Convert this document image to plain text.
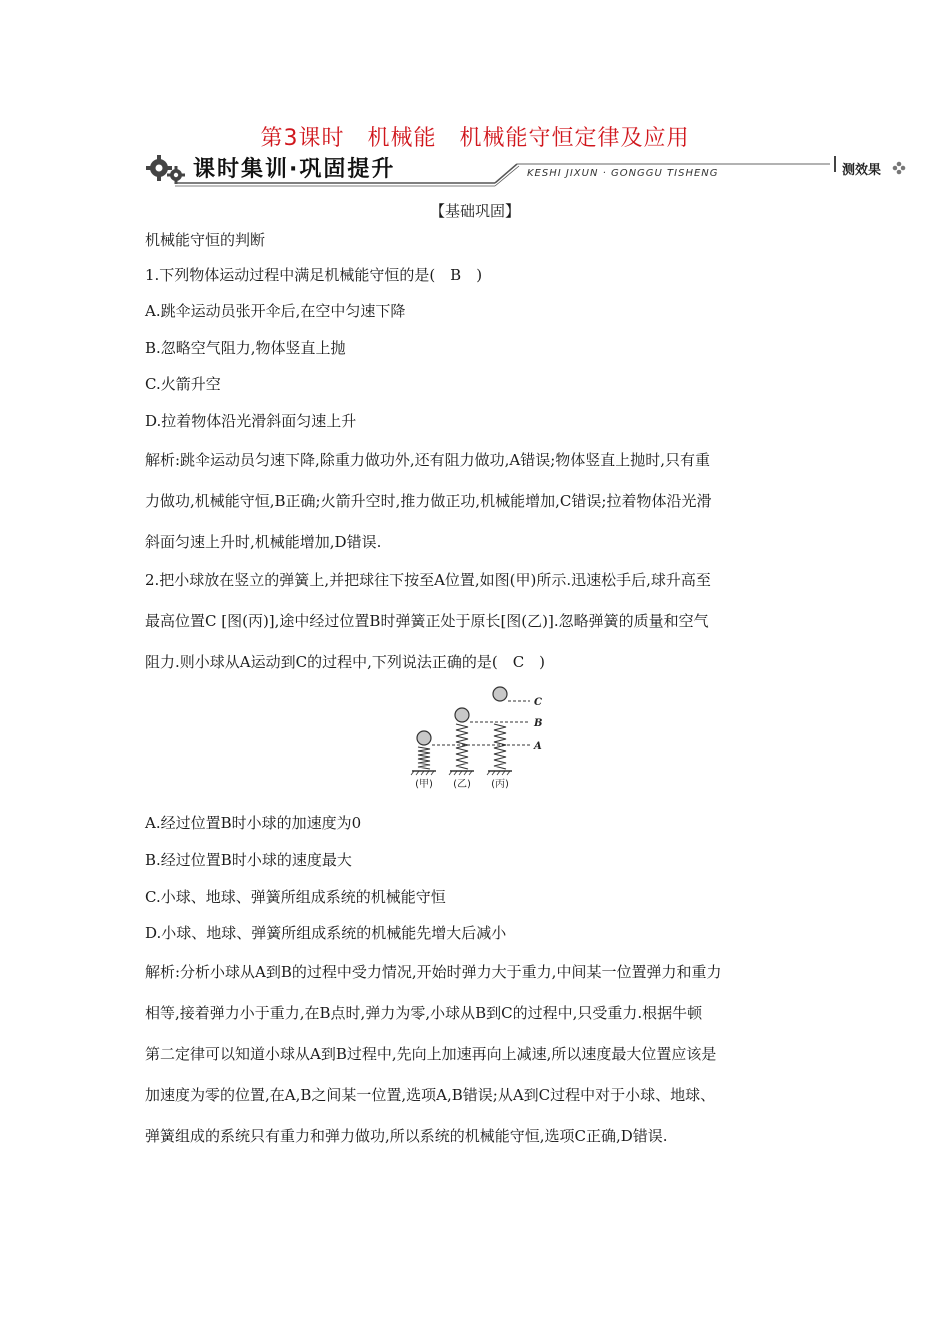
第3课时　机械能　机械能守恒定律及应用
课时集训·巩固提升	KESHI JIXUN · GONGGU TISHENG	测效果
【基础巩固】
机械能守恒的判断
1.下列物体运动过程中满足机械能守恒的是(　B　)
A.跳伞运动员张开伞后,在空中匀速下降
B.忽略空气阻力,物体竖直上抛
C.火箭升空
D.拉着物体沿光滑斜面匀速上升
解析:跳伞运动员匀速下降,除重力做功外,还有阻力做功,A错误;物体竖直上抛时,只有重
力做功,机械能守恒,B正确;火箭升空时,推力做正功,机械能增加,C错误;拉着物体沿光滑
斜面匀速上升时,机械能增加,D错误.
2.把小球放在竖立的弹簧上,并把球往下按至A位置,如图(甲)所示.迅速松手后,球升高至
最高位置C [图(丙)],途中经过位置B时弹簧正处于原长[图(乙)].忽略弹簧的质量和空气
阻力.则小球从A运动到C的过程中,下列说法正确的是(　C　)
C
B
A
(甲) (乙) (丙)
A.经过位置B时小球的加速度为0
B.经过位置B时小球的速度最大
C.小球、地球、弹簧所组成系统的机械能守恒
D.小球、地球、弹簧所组成系统的机械能先增大后减小
解析:分析小球从A到B的过程中受力情况,开始时弹力大于重力,中间某一位置弹力和重力
相等,接着弹力小于重力,在B点时,弹力为零,小球从B到C的过程中,只受重力.根据牛顿
第二定律可以知道小球从A到B过程中,先向上加速再向上减速,所以速度最大位置应该是
加速度为零的位置,在A,B之间某一位置,选项A,B错误;从A到C过程中对于小球、地球、
弹簧组成的系统只有重力和弹力做功,所以系统的机械能守恒,选项C正确,D错误.
